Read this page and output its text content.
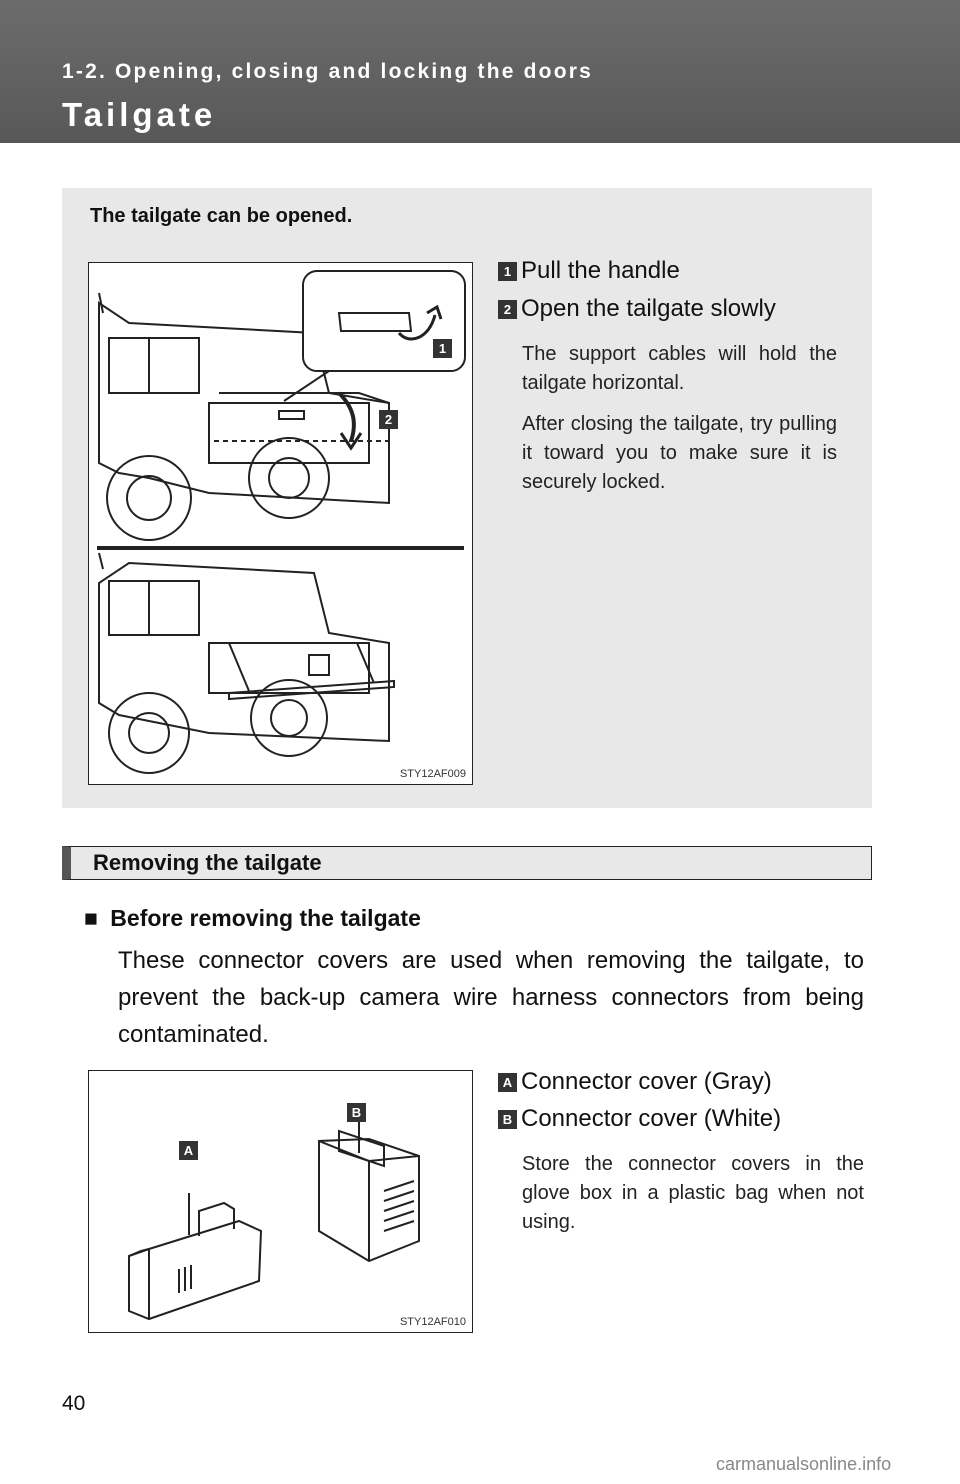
1-2. Opening, closing and locking the doors
Tailgate
The tailgate can be opened.
1
2
STY12AF009
1 Pull the handle
2 Open the tailgate slowly
The support cables will hold the tailgate horizontal.
After closing the tailgate, try pulling it toward you to make sure it is securely locked.
Removing the tailgate
■ Before removing the tailgate
These connector covers are used when removing the tailgate, to prevent the back-up camera wire harness connectors from being contaminated.
A
B
STY12AF010
A Connector cover (Gray)
B Connector cover (White)
Store the connector covers in the glove box in a plastic bag when not using.
40
carmanualsonline.info
